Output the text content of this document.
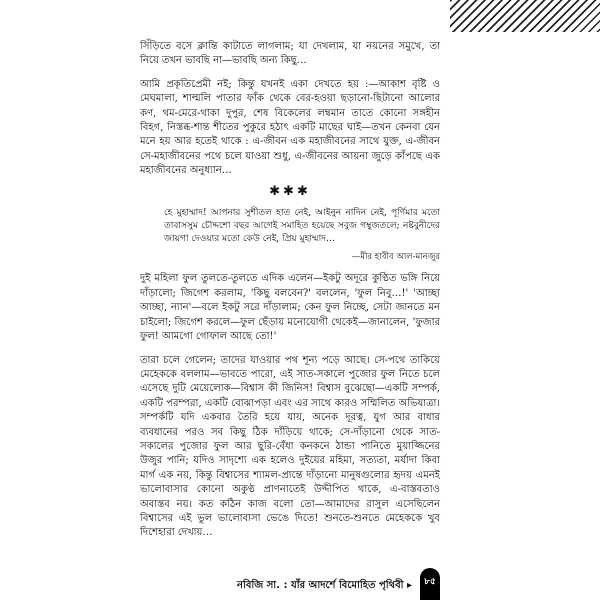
সিঁড়িতে বসে ক্লান্তি কাটাতে লাগলাম; যা দেখলাম, যা নয়নের সমুখে, তা নিয়ে তখন ভাবছি না—ভাবছি অন্য কিছু…

আমি প্রকৃতিপ্রেমী নই; কিন্তু যখনই একা দেখতে হয় :—আকাশ বৃষ্টি ও মেঘমালা, শাল্মলি পাতার ফাঁক থেকে বের-হওয়া ছড়ানো-ছিটানো আলোর কণ, থম-মেরে-থাকা দুপুর, শেষ বিকেলের লম্বমান তাতে কোনো সঙ্গহীন বিহগ, নিস্তব্ধ-শান্ত শীতের পুকুরে হঠাৎ একটি মাছের ঘাই—তখন কেনবা যেন মনে হয় আর হতেই থাকে : এ-জীবন এক মহাজীবনের সাথে যুক্ত, এ-জীবন সে-মহাজীবনের পথে চলে যাওয়া শুধু, এ-জীবনের আয়না জুড়ে কাঁপছে এক মহাজীবনের অনুধ্যান…

✱✱✱

হে মুহাম্মাদ! আপনার সুশীতল হাত নেই, আইনুন নাদিন নেই, পূর্ণিমার মতো তাবাসসুম চৌদ্দশো বছর আগেই সমাহিত হয়েছে সবুজ গম্বুজতলে; নষ্টবুনীদের জায়গা দেওয়ার মতো কেউ নেই, প্রিয় মুহাম্মাদ…

—মীর হাবীব আল-মানজুর

দুই মহিলা ফুল তুলতে-তুলতে এদিক এলেন—ইকটু অদূরে কুণ্ঠিত ভঙ্গি নিয়ে দাঁড়ালো; জিগেশ করলাম, 'কিছু বলবেন?' বললেন, 'ফুল নিবু…!' 'আচ্ছা আচ্ছা, ন্যান'—বলে ইকটু সরে দাঁড়ালাম; কেন ফুল নিচ্ছে, সেটা জানতে মন চাইলো; জিগেশ করলে—ফুল ছেঁড়ায় মনোযোগী থেকেই—জানালেন, 'ফুজার ফুল! আমগো গোফাল আছে তো!'

তারা চলে গেলেন; তাদের যাওয়ার পথ শূন্য পড়ে আছে। সে-পথে তাকিয়ে মেহেককে বললাম—ভাবতে পারো, এই সাত-সকালে পুজোর ফুল নিতে চলে এসেছে দুটি মেয়েলোক—বিশ্বাস কী জিনিস! বিশ্বাস বুঝেছো—একটি সম্পর্ক, একটি পরম্পরা, একটি বোঝাপড়া এবং এর সাথে কারও সম্মিলিত অভিযাত্রা। সম্পর্কটি যদি একবার তৈরি হয়ে যায়, অনেক দূরত্ব, যুগ আর বাধার ব্যবধানের পরও সব কিছু ঠিক দাঁড়িয়ে থাকে; সে-দাঁড়ানো থেকে সাত-সকালের পুজোর ফুল আর ছুরি-বেঁধা কনকনে ঠান্ডা পানিতে মুয়াজ্জিনের উজুর পানি; যদিও সাদৃশ্যে এক হলেও দুইয়ের মহিমা, সত্যতা, মর্যাদা কিবা মার্গ এক নয়, কিন্তু বিশ্বাসের শ্যামল-প্রান্তে দাঁড়ানো মানুষগুলোর হৃদয় এমনই ভালোবাসার কোনো অকুণ্ঠ প্রাণনাতেই উদ্দীপিত থাকে, এ-বাস্তবতাও অবাস্তব নয়। কত কঠিন কাজ বলো তো—আমাদের রাসুল এসেছিলেন বিশ্বাসের এই ভুল ভালোবাসা ভেঙে দিতে! শুনতে-শুনতে মেহেককে খুব দিশেহারা দেখায়…

নবিজি সা. : যাঁর আদর্শে বিমোহিত পৃথিবী ▸	৮৫
